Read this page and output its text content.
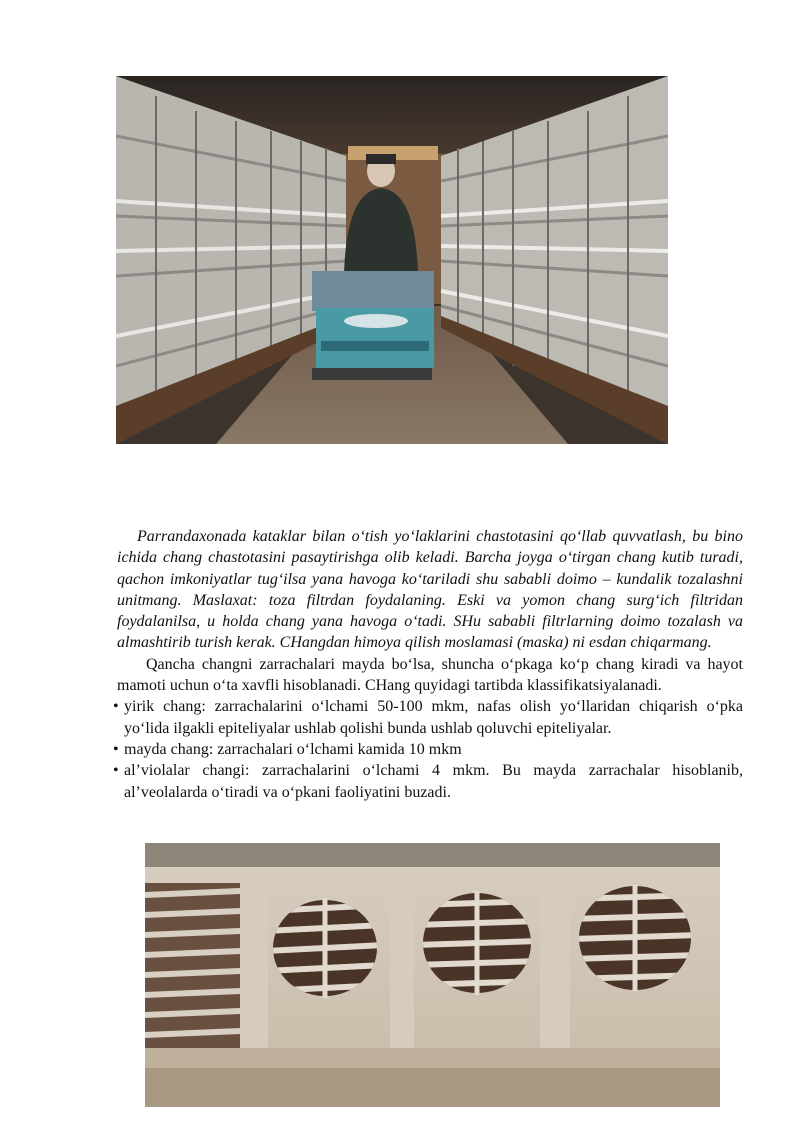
Parrandaxonada kataklar bilan o‘tish yo‘laklarini chastotasini qo‘llab quvvatlash, bu bino ichida chang chastotasini pasaytirishga olib keladi. Barcha joyga o‘tirgan chang kutib turadi, qachon imkoniyatlar tug‘ilsa yana havoga ko‘tariladi shu sababli doimo – kundalik tozalashni unitmang. Maslaxat: toza filtrdan foydalaning. Eski va yomon chang surg‘ich filtridan foydalanilsa, u holda chang yana havoga o‘tadi. SHu sababli filtrlarning doimo tozalash va almashtirib turish kerak. CHangdan himoya qilish moslamasi (maska) ni esdan chiqarmang.

Qancha changni zarrachalari mayda bo‘lsa, shuncha o‘pkaga ko‘p chang kiradi va hayot mamoti uchun o‘ta xavfli hisoblanadi. CHang quyidagi tartibda klassifikatsiyalanadi.

• yirik chang: zarrachalarini o‘lchami 50-100 mkm, nafas olish yo‘llaridan chiqarish o‘pka yo‘lida ilgakli epiteliyalar ushlab qolishi bunda ushlab qoluvchi epiteliyalar.
• mayda chang: zarrachalari o‘lchami kamida 10 mkm
• al’violalar changi: zarrachalarini o‘lchami 4 mkm. Bu mayda zarrachalar hisoblanib, al’veolalarda o‘tiradi va o‘pkani faoliyatini buzadi.
